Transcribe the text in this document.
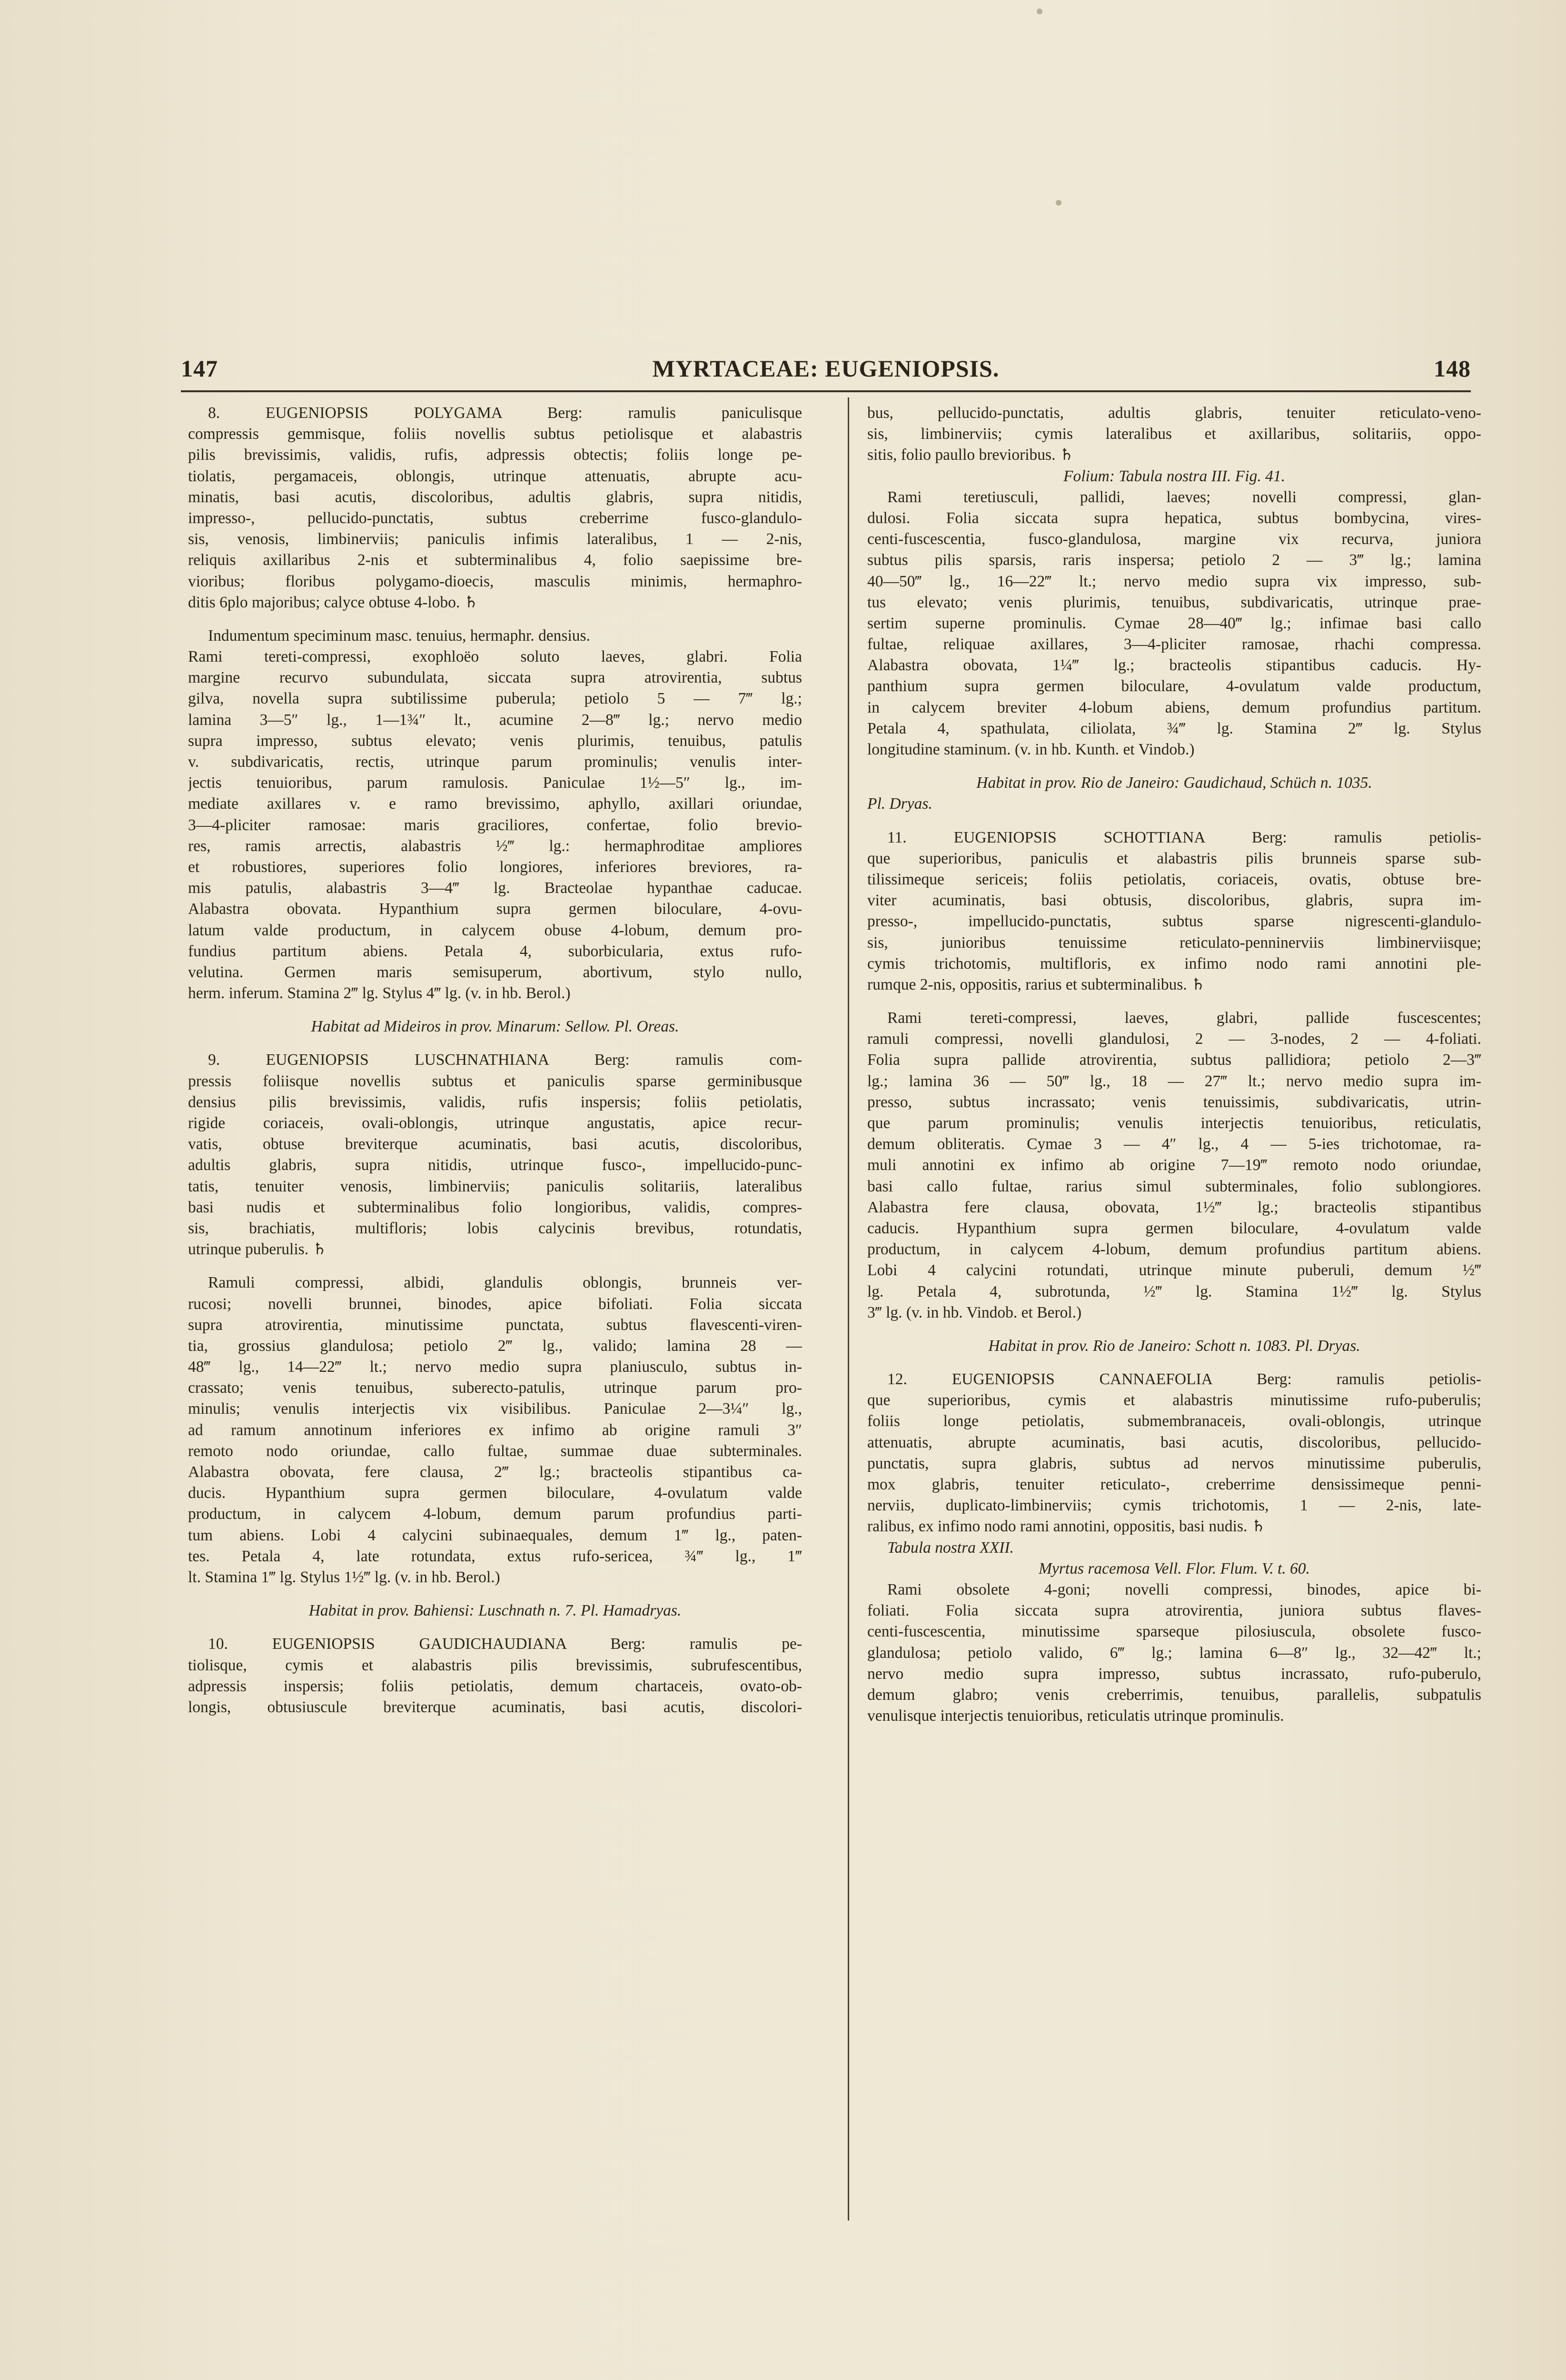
147	MYRTACEAE: EUGENIOPSIS.	148
8. EUGENIOPSIS POLYGAMA Berg: ramulis paniculisque
compressis gemmisque, foliis novellis subtus petiolisque et alabastris
pilis brevissimis, validis, rufis, adpressis obtectis; foliis longe pe-
tiolatis, pergamaceis, oblongis, utrinque attenuatis, abrupte acu-
minatis, basi acutis, discoloribus, adultis glabris, supra nitidis,
impresso-, pellucido-punctatis, subtus creberrime fusco-glandulo-
sis, venosis, limbinerviis; paniculis infimis lateralibus, 1 — 2-nis,
reliquis axillaribus 2-nis et subterminalibus 4, folio saepissime bre-
vioribus; floribus polygamo-dioecis, masculis minimis, hermaphro-
ditis 6plo majoribus; calyce obtuse 4-lobo. ♄
Indumentum speciminum masc. tenuius, hermaphr. densius.
Rami tereti-compressi, exophloëo soluto laeves, glabri. Folia
margine recurvo subundulata, siccata supra atrovirentia, subtus
gilva, novella supra subtilissime puberula; petiolo 5 — 7‴ lg.;
lamina 3—5″ lg., 1—1¾″ lt., acumine 2—8‴ lg.; nervo medio
supra impresso, subtus elevato; venis plurimis, tenuibus, patulis
v. subdivaricatis, rectis, utrinque parum prominulis; venulis inter-
jectis tenuioribus, parum ramulosis. Paniculae 1½—5″ lg., im-
mediate axillares v. e ramo brevissimo, aphyllo, axillari oriundae,
3—4-pliciter ramosae: maris graciliores, confertae, folio brevio-
res, ramis arrectis, alabastris ½‴ lg.: hermaphroditae ampliores
et robustiores, superiores folio longiores, inferiores breviores, ra-
mis patulis, alabastris 3—4‴ lg. Bracteolae hypanthae caducae.
Alabastra obovata. Hypanthium supra germen biloculare, 4-ovu-
latum valde productum, in calycem obuse 4-lobum, demum pro-
fundius partitum abiens. Petala 4, suborbicularia, extus rufo-
velutina. Germen maris semisuperum, abortivum, stylo nullo,
herm. inferum. Stamina 2‴ lg. Stylus 4‴ lg. (v. in hb. Berol.)
Habitat ad Mideiros in prov. Minarum: Sellow. Pl. Oreas.
9. EUGENIOPSIS LUSCHNATHIANA Berg: ramulis com-
pressis foliisque novellis subtus et paniculis sparse germinibusque
densius pilis brevissimis, validis, rufis inspersis; foliis petiolatis,
rigide coriaceis, ovali-oblongis, utrinque angustatis, apice recur-
vatis, obtuse breviterque acuminatis, basi acutis, discoloribus,
adultis glabris, supra nitidis, utrinque fusco-, impellucido-punc-
tatis, tenuiter venosis, limbinerviis; paniculis solitariis, lateralibus
basi nudis et subterminalibus folio longioribus, validis, compres-
sis, brachiatis, multifloris; lobis calycinis brevibus, rotundatis,
utrinque puberulis. ♄
Ramuli compressi, albidi, glandulis oblongis, brunneis ver-
rucosi; novelli brunnei, binodes, apice bifoliati. Folia siccata
supra atrovirentia, minutissime punctata, subtus flavescenti-viren-
tia, grossius glandulosa; petiolo 2‴ lg., valido; lamina 28 —
48‴ lg., 14—22‴ lt.; nervo medio supra planiusculo, subtus in-
crassato; venis tenuibus, suberecto-patulis, utrinque parum pro-
minulis; venulis interjectis vix visibilibus. Paniculae 2—3¼″ lg.,
ad ramum annotinum inferiores ex infimo ab origine ramuli 3″
remoto nodo oriundae, callo fultae, summae duae subterminales.
Alabastra obovata, fere clausa, 2‴ lg.; bracteolis stipantibus ca-
ducis. Hypanthium supra germen biloculare, 4-ovulatum valde
productum, in calycem 4-lobum, demum parum profundius parti-
tum abiens. Lobi 4 calycini subinaequales, demum 1‴ lg., paten-
tes. Petala 4, late rotundata, extus rufo-sericea, ¾‴ lg., 1‴
lt. Stamina 1‴ lg. Stylus 1½‴ lg. (v. in hb. Berol.)
Habitat in prov. Bahiensi: Luschnath n. 7. Pl. Hamadryas.
10. EUGENIOPSIS GAUDICHAUDIANA Berg: ramulis pe-
tiolisque, cymis et alabastris pilis brevissimis, subrufescentibus,
adpressis inspersis; foliis petiolatis, demum chartaceis, ovato-ob-
longis, obtusiuscule breviterque acuminatis, basi acutis, discolori-
bus, pellucido-punctatis, adultis glabris, tenuiter reticulato-veno-
sis, limbinerviis; cymis lateralibus et axillaribus, solitariis, oppo-
sitis, folio paullo brevioribus. ♄
Folium: Tabula nostra III. Fig. 41.
Rami teretiusculi, pallidi, laeves; novelli compressi, glan-
dulosi. Folia siccata supra hepatica, subtus bombycina, vires-
centi-fuscescentia, fusco-glandulosa, margine vix recurva, juniora
subtus pilis sparsis, raris inspersa; petiolo 2 — 3‴ lg.; lamina
40—50‴ lg., 16—22‴ lt.; nervo medio supra vix impresso, sub-
tus elevato; venis plurimis, tenuibus, subdivaricatis, utrinque prae-
sertim superne prominulis. Cymae 28—40‴ lg.; infimae basi callo
fultae, reliquae axillares, 3—4-pliciter ramosae, rhachi compressa.
Alabastra obovata, 1¼‴ lg.; bracteolis stipantibus caducis. Hy-
panthium supra germen biloculare, 4-ovulatum valde productum,
in calycem breviter 4-lobum abiens, demum profundius partitum.
Petala 4, spathulata, ciliolata, ¾‴ lg. Stamina 2‴ lg. Stylus
longitudine staminum. (v. in hb. Kunth. et Vindob.)
Habitat in prov. Rio de Janeiro: Gaudichaud, Schüch n. 1035.
Pl. Dryas.
11. EUGENIOPSIS SCHOTTIANA Berg: ramulis petiolis-
que superioribus, paniculis et alabastris pilis brunneis sparse sub-
tilissimeque sericeis; foliis petiolatis, coriaceis, ovatis, obtuse bre-
viter acuminatis, basi obtusis, discoloribus, glabris, supra im-
presso-, impellucido-punctatis, subtus sparse nigrescenti-glandulo-
sis, junioribus tenuissime reticulato-penninerviis limbinerviisque;
cymis trichotomis, multifloris, ex infimo nodo rami annotini ple-
rumque 2-nis, oppositis, rarius et subterminalibus. ♄
Rami tereti-compressi, laeves, glabri, pallide fuscescentes;
ramuli compressi, novelli glandulosi, 2 — 3-nodes, 2 — 4-foliati.
Folia supra pallide atrovirentia, subtus pallidiora; petiolo 2—3‴
lg.; lamina 36 — 50‴ lg., 18 — 27‴ lt.; nervo medio supra im-
presso, subtus incrassato; venis tenuissimis, subdivaricatis, utrin-
que parum prominulis; venulis interjectis tenuioribus, reticulatis,
demum obliteratis. Cymae 3 — 4″ lg., 4 — 5-ies trichotomae, ra-
muli annotini ex infimo ab origine 7—19‴ remoto nodo oriundae,
basi callo fultae, rarius simul subterminales, folio sublongiores.
Alabastra fere clausa, obovata, 1½‴ lg.; bracteolis stipantibus
caducis. Hypanthium supra germen biloculare, 4-ovulatum valde
productum, in calycem 4-lobum, demum profundius partitum abiens.
Lobi 4 calycini rotundati, utrinque minute puberuli, demum ½‴
lg. Petala 4, subrotunda, ½‴ lg. Stamina 1½‴ lg. Stylus
3‴ lg. (v. in hb. Vindob. et Berol.)
Habitat in prov. Rio de Janeiro: Schott n. 1083. Pl. Dryas.
12. EUGENIOPSIS CANNAEFOLIA Berg: ramulis petiolis-
que superioribus, cymis et alabastris minutissime rufo-puberulis;
foliis longe petiolatis, submembranaceis, ovali-oblongis, utrinque
attenuatis, abrupte acuminatis, basi acutis, discoloribus, pellucido-
punctatis, supra glabris, subtus ad nervos minutissime puberulis,
mox glabris, tenuiter reticulato-, creberrime densissimeque penni-
nerviis, duplicato-limbinerviis; cymis trichotomis, 1 — 2-nis, late-
ralibus, ex infimo nodo rami annotini, oppositis, basi nudis. ♄
Tabula nostra XXII.
Myrtus racemosa Vell. Flor. Flum. V. t. 60.
Rami obsolete 4-goni; novelli compressi, binodes, apice bi-
foliati. Folia siccata supra atrovirentia, juniora subtus flaves-
centi-fuscescentia, minutissime sparseque pilosiuscula, obsolete fusco-
glandulosa; petiolo valido, 6‴ lg.; lamina 6—8″ lg., 32—42‴ lt.;
nervo medio supra impresso, subtus incrassato, rufo-puberulo,
demum glabro; venis creberrimis, tenuibus, parallelis, subpatulis
venulisque interjectis tenuioribus, reticulatis utrinque prominulis.
